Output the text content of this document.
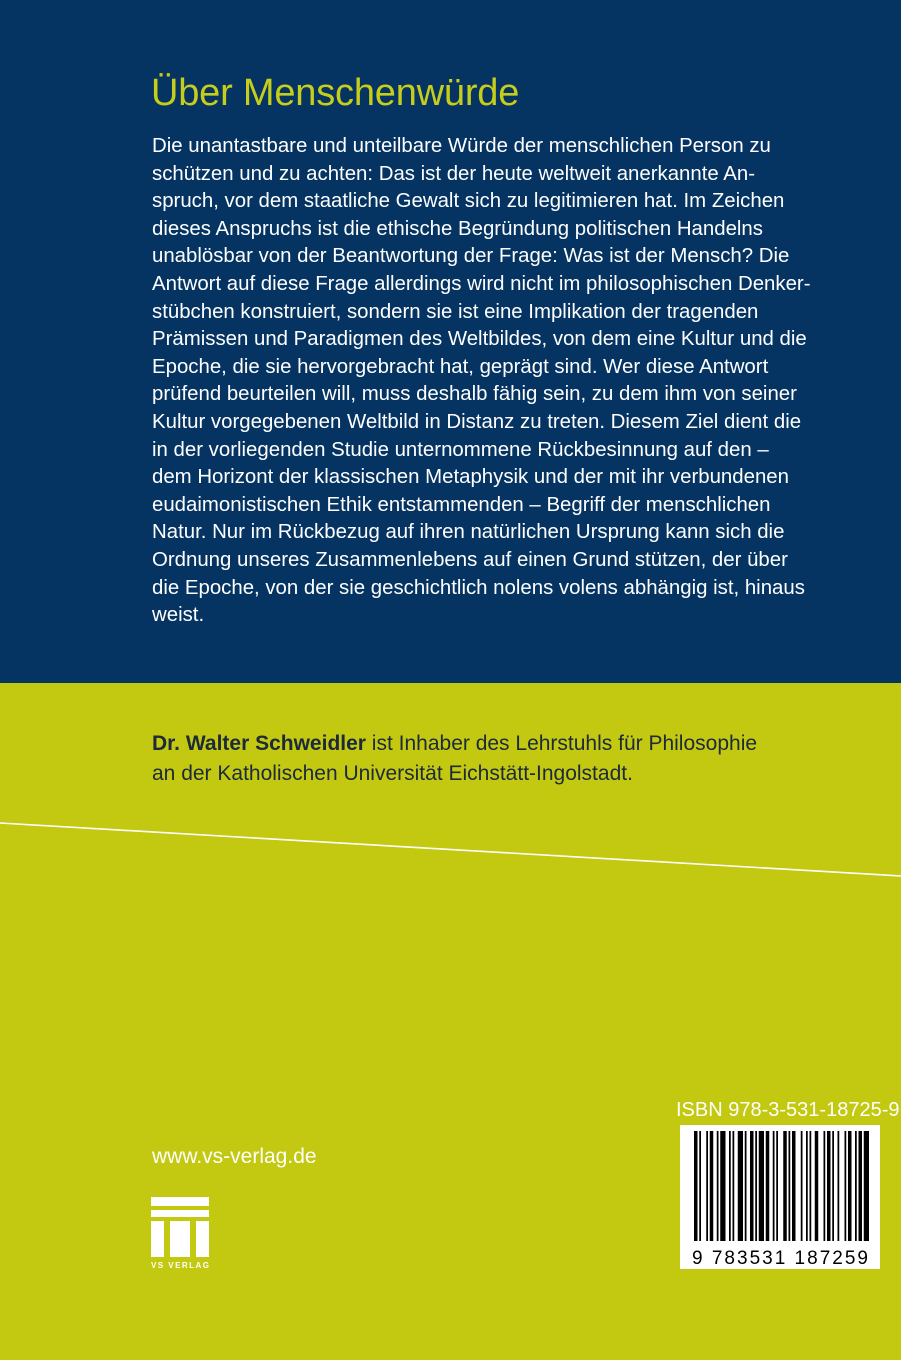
Über Menschenwürde
Die unantastbare und unteilbare Würde der menschlichen Person zu
schützen und zu achten: Das ist der heute weltweit anerkannte An-
spruch, vor dem staatliche Gewalt sich zu legitimieren hat. Im Zeichen
dieses Anspruchs ist die ethische Begründung politischen Handelns
unablösbar von der Beantwortung der Frage: Was ist der Mensch? Die
Antwort auf diese Frage allerdings wird nicht im philosophischen Denker-
stübchen konstruiert, sondern sie ist eine Implikation der tragenden
Prämissen und Paradigmen des Weltbildes, von dem eine Kultur und die
Epoche, die sie hervorgebracht hat, geprägt sind. Wer diese Antwort
prüfend beurteilen will, muss deshalb fähig sein, zu dem ihm von seiner
Kultur vorgegebenen Weltbild in Distanz zu treten. Diesem Ziel dient die
in der vorliegenden Studie unternommene Rückbesinnung auf den –
dem Horizont der klassischen Metaphysik und der mit ihr verbundenen
eudaimonistischen Ethik entstammenden – Begriff der menschlichen
Natur. Nur im Rückbezug auf ihren natürlichen Ursprung kann sich die
Ordnung unseres Zusammenlebens auf einen Grund stützen, der über
die Epoche, von der sie geschichtlich nolens volens abhängig ist, hinaus
weist.
Dr. Walter Schweidler ist Inhaber des Lehrstuhls für Philosophie
an der Katholischen Universität Eichstätt-Ingolstadt.
www.vs-verlag.de
VS VERLAG
ISBN 978-3-531-18725-9
9 783531 187259
